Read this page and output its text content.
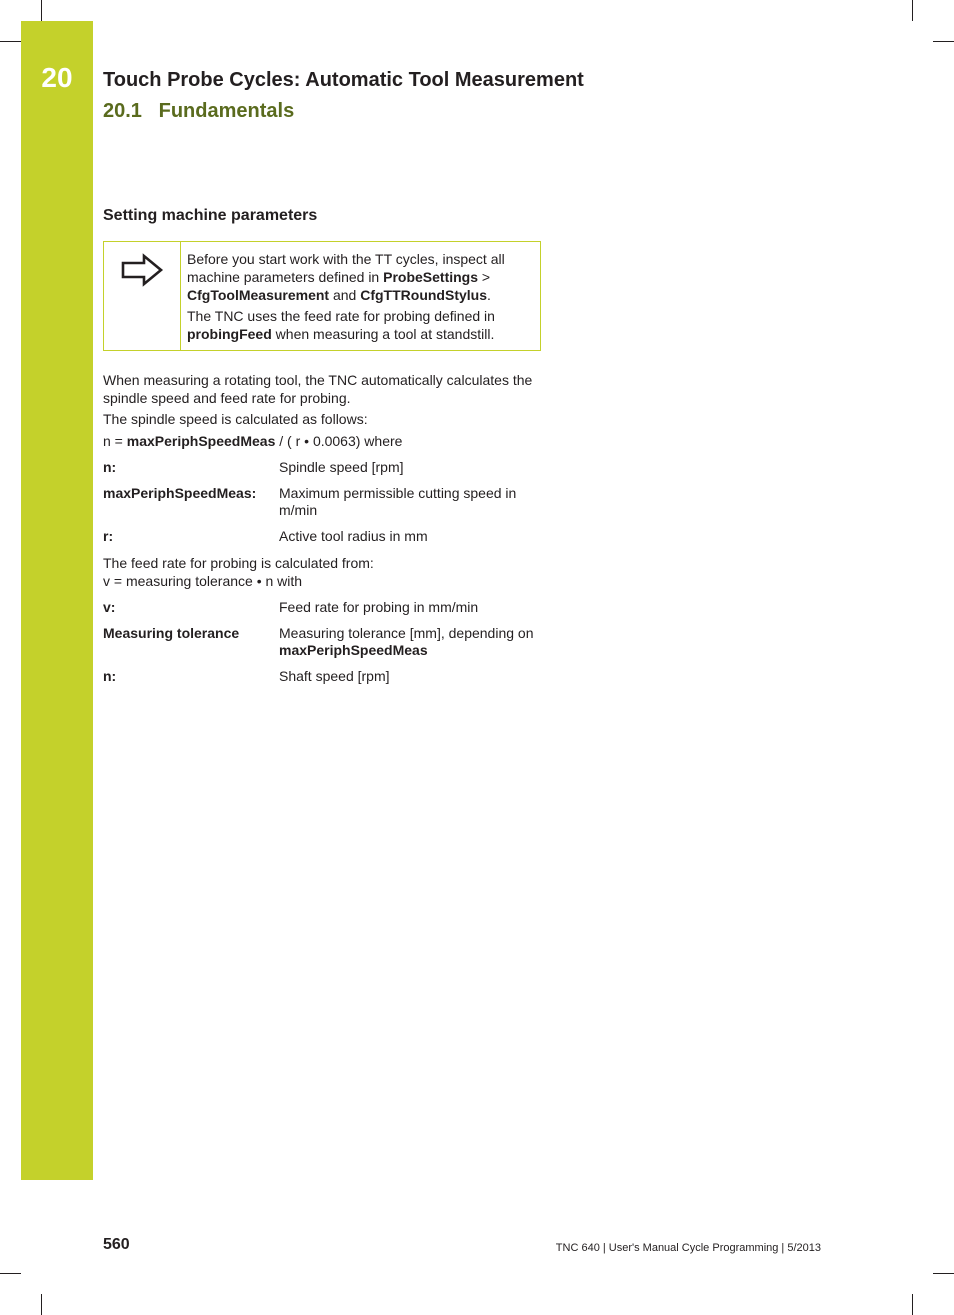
20	Touch Probe Cycles: Automatic Tool Measurement
20.1 Fundamentals
Setting machine parameters

Before you start work with the TT cycles, inspect all machine parameters defined in ProbeSettings > CfgToolMeasurement and CfgTTRoundStylus.

The TNC uses the feed rate for probing defined in probingFeed when measuring a tool at standstill.

When measuring a rotating tool, the TNC automatically calculates the spindle speed and feed rate for probing.

The spindle speed is calculated as follows:

n = maxPeriphSpeedMeas / ( r • 0.0063) where

n:	Spindle speed [rpm]
maxPeriphSpeedMeas:	Maximum permissible cutting speed in m/min
r:	Active tool radius in mm

The feed rate for probing is calculated from:

v = measuring tolerance • n with

v:	Feed rate for probing in mm/min
Measuring tolerance	Measuring tolerance [mm], depending on maxPeriphSpeedMeas
n:	Shaft speed [rpm]
560	TNC 640 | User's Manual Cycle Programming | 5/2013
